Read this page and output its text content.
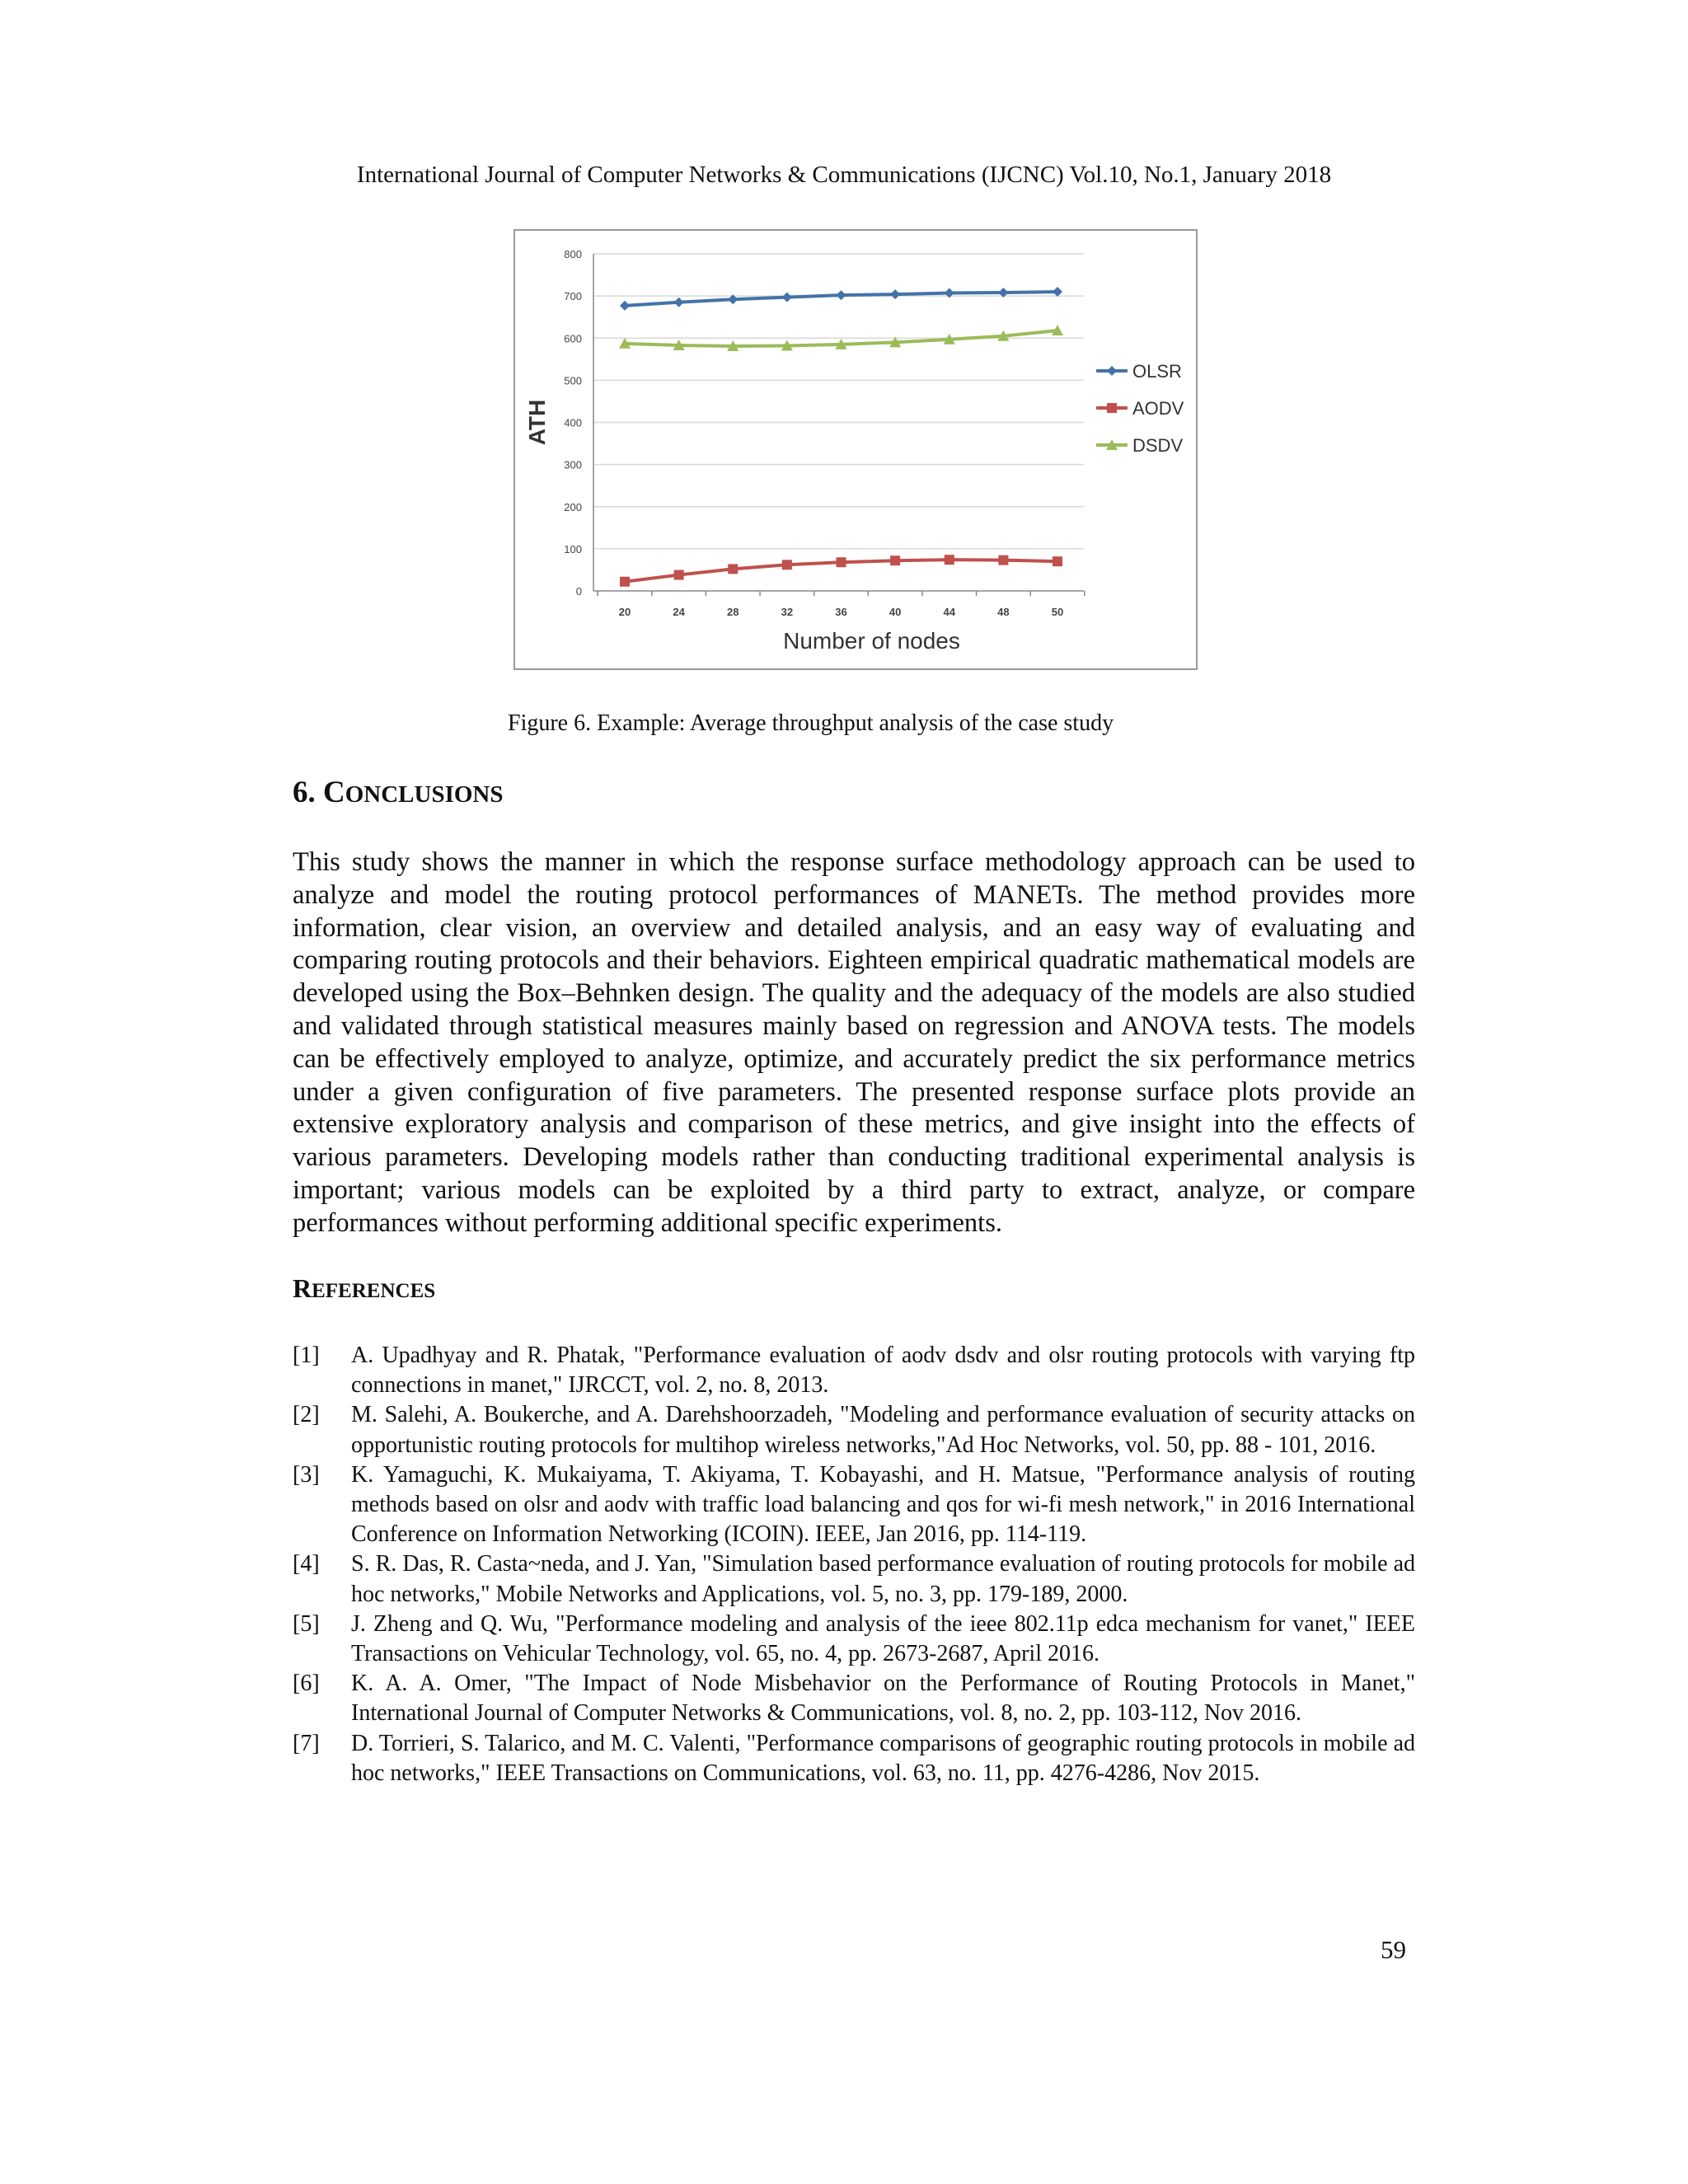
International Journal of Computer Networks & Communications (IJCNC) Vol.10, No.1, January 2018
0
100
200
300
400
500
600
700
800
20	24	28	32	36	40	44	48	50
Number of nodes
ATH
OLSR
AODV
DSDV
Figure 6. Example: Average throughput analysis of the case study
6. CONCLUSIONS

This study shows the manner in which the response surface methodology approach can be used to analyze and model the routing protocol performances of MANETs. The method provides more information, clear vision, an overview and detailed analysis, and an easy way of evaluating and comparing routing protocols and their behaviors. Eighteen empirical quadratic mathematical models are developed using the Box–Behnken design. The quality and the adequacy of the models are also studied and validated through statistical measures mainly based on regression and ANOVA tests. The models can be effectively employed to analyze, optimize, and accurately predict the six performance metrics under a given configuration of five parameters. The presented response surface plots provide an extensive exploratory analysis and comparison of these metrics, and give insight into the effects of various parameters. Developing models rather than conducting traditional experimental analysis is important; various models can be exploited by a third party to extract, analyze, or compare performances without performing additional specific experiments.

REFERENCES
[1] A. Upadhyay and R. Phatak, "Performance evaluation of aodv dsdv and olsr routing protocols with varying ftp connections in manet," IJRCCT, vol. 2, no. 8, 2013.
[2] M. Salehi, A. Boukerche, and A. Darehshoorzadeh, "Modeling and performance evaluation of security attacks on opportunistic routing protocols for multihop wireless networks,"Ad Hoc Networks, vol. 50, pp. 88 - 101, 2016.
[3] K. Yamaguchi, K. Mukaiyama, T. Akiyama, T. Kobayashi, and H. Matsue, "Performance analysis of routing methods based on olsr and aodv with traffic load balancing and qos for wi-fi mesh network," in 2016 International Conference on Information Networking (ICOIN). IEEE, Jan 2016, pp. 114-119.
[4] S. R. Das, R. Casta~neda, and J. Yan, "Simulation based performance evaluation of routing protocols for mobile ad hoc networks," Mobile Networks and Applications, vol. 5, no. 3, pp. 179-189, 2000.
[5] J. Zheng and Q. Wu, "Performance modeling and analysis of the ieee 802.11p edca mechanism for vanet," IEEE Transactions on Vehicular Technology, vol. 65, no. 4, pp. 2673-2687, April 2016.
[6] K. A. A. Omer, "The Impact of Node Misbehavior on the Performance of Routing Protocols in Manet," International Journal of Computer Networks & Communications, vol. 8, no. 2, pp. 103-112, Nov 2016.
[7] D. Torrieri, S. Talarico, and M. C. Valenti, "Performance comparisons of geographic routing protocols in mobile ad hoc networks," IEEE Transactions on Communications, vol. 63, no. 11, pp. 4276-4286, Nov 2015.
59
